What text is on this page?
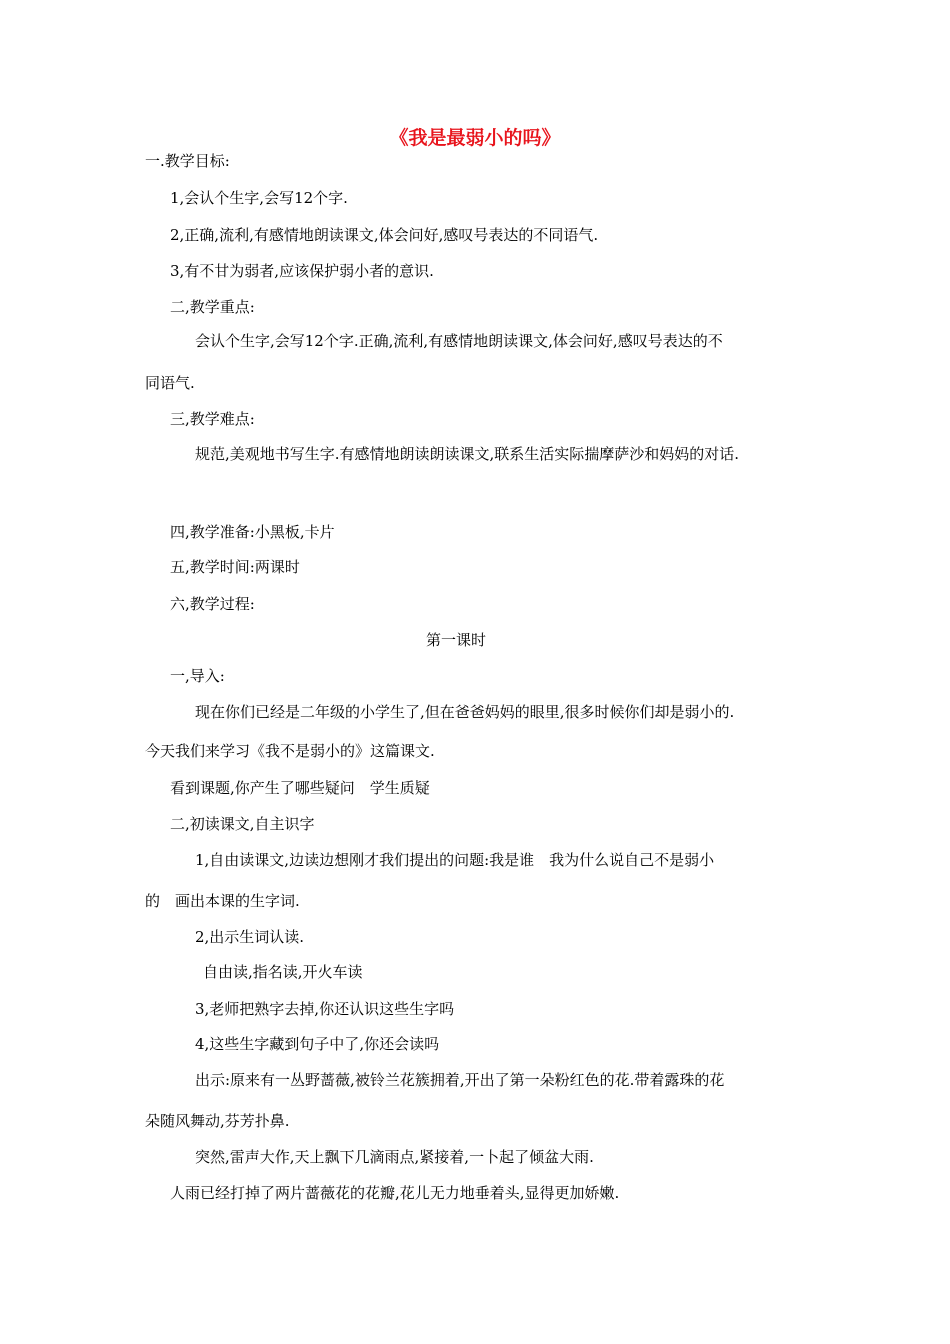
《我是最弱小的吗》
一.教学目标:
1,会认个生字,会写12个字.
2,正确,流利,有感情地朗读课文,体会问好,感叹号表达的不同语气.
3,有不甘为弱者,应该保护弱小者的意识.
二,教学重点:
会认个生字,会写12个字.正确,流利,有感情地朗读课文,体会问好,感叹号表达的不
同语气.
三,教学难点:
规范,美观地书写生字.有感情地朗读朗读课文,联系生活实际揣摩萨沙和妈妈的对话.
四,教学准备:小黑板,卡片
五,教学时间:两课时
六,教学过程:
第一课时
一,导入:
现在你们已经是二年级的小学生了,但在爸爸妈妈的眼里,很多时候你们却是弱小的.
今天我们来学习《我不是弱小的》这篇课文.
看到课题,你产生了哪些疑问　学生质疑
二,初读课文,自主识字
1,自由读课文,边读边想刚才我们提出的问题:我是谁　我为什么说自己不是弱小
的　画出本课的生字词.
2,出示生词认读.
自由读,指名读,开火车读
3,老师把熟字去掉,你还认识这些生字吗
4,这些生字藏到句子中了,你还会读吗
出示:原来有一丛野蔷薇,被铃兰花簇拥着,开出了第一朵粉红色的花.带着露珠的花
朵随风舞动,芬芳扑鼻.
突然,雷声大作,天上飘下几滴雨点,紧接着,一卜起了倾盆大雨.
人雨已经打掉了两片蔷薇花的花瓣,花儿无力地垂着头,显得更加娇嫩.
